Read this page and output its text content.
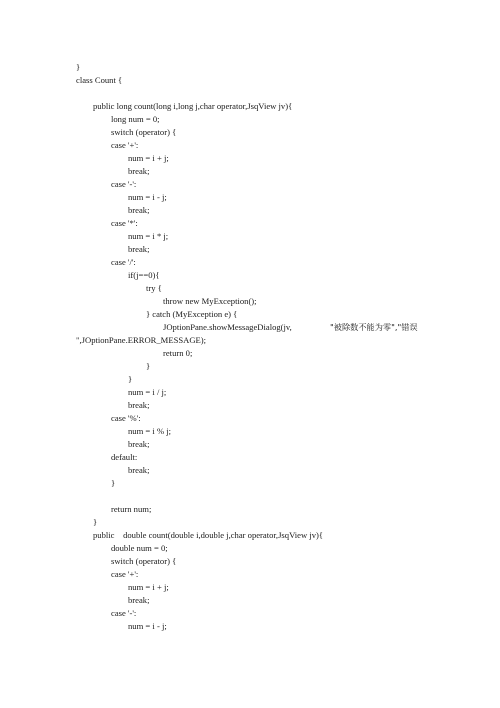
}
class Count {
public long count(long i,long j,char operator,JsqView jv){
long num = 0;
switch (operator) {
case '+':
num = i + j;
break;
case '-':
num = i - j;
break;
case '*':
num = i * j;
break;
case '/':
if(j==0){
try {
throw new MyException();
} catch (MyException e) {
JOptionPane.showMessageDialog(jv,	"被除数不能为零","错误
",JOptionPane.ERROR_MESSAGE);
return 0;
}
}
num = i / j;
break;
case '%':
num = i % j;
break;
default:
break;
}
return num;
}
public    double count(double i,double j,char operator,JsqView jv){
double num = 0;
switch (operator) {
case '+':
num = i + j;
break;
case '-':
num = i - j;
